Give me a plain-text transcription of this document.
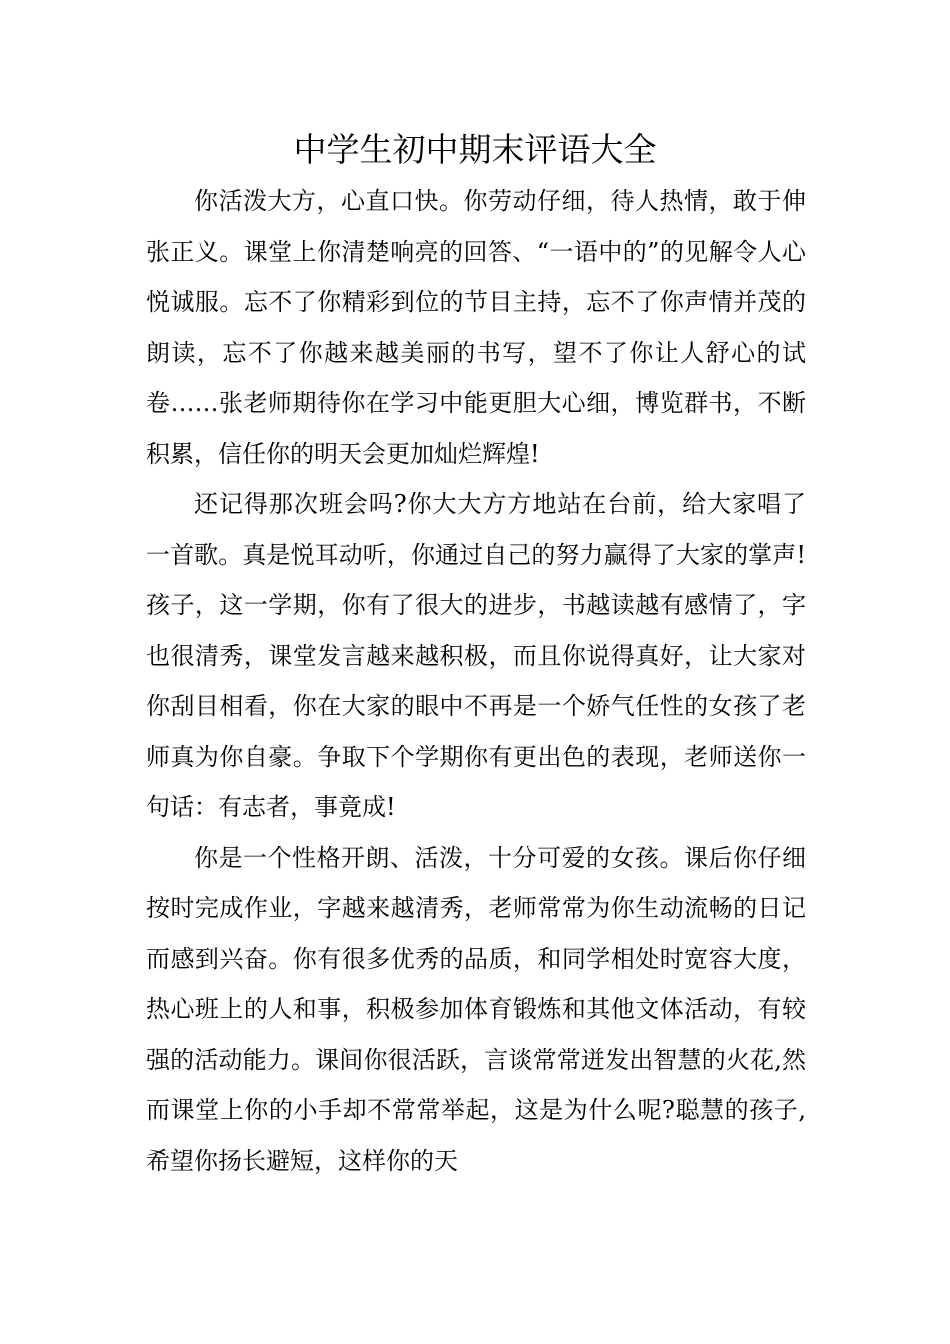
中学生初中期末评语大全

你活泼大方，心直口快。你劳动仔细，待人热情，敢于伸张正义。课堂上你清楚响亮的回答、“一语中的”的见解令人心悦诚服。忘不了你精彩到位的节目主持，忘不了你声情并茂的朗读，忘不了你越来越美丽的书写，望不了你让人舒心的试卷……张老师期待你在学习中能更胆大心细，博览群书，不断积累，信任你的明天会更加灿烂辉煌!

还记得那次班会吗?你大大方方地站在台前，给大家唱了一首歌。真是悦耳动听，你通过自己的努力赢得了大家的掌声!孩子，这一学期，你有了很大的进步，书越读越有感情了，字也很清秀，课堂发言越来越积极，而且你说得真好，让大家对你刮目相看，你在大家的眼中不再是一个娇气任性的女孩了老师真为你自豪。争取下个学期你有更出色的表现，老师送你一句话：有志者，事竟成!

你是一个性格开朗、活泼，十分可爱的女孩。课后你仔细按时完成作业，字越来越清秀，老师常常为你生动流畅的日记而感到兴奋。你有很多优秀的品质，和同学相处时宽容大度，热心班上的人和事，积极参加体育锻炼和其他文体活动，有较强的活动能力。课间你很活跃，言谈常常迸发出智慧的火花,然而课堂上你的小手却不常常举起，这是为什么呢?聪慧的孩子,希望你扬长避短，这样你的天
